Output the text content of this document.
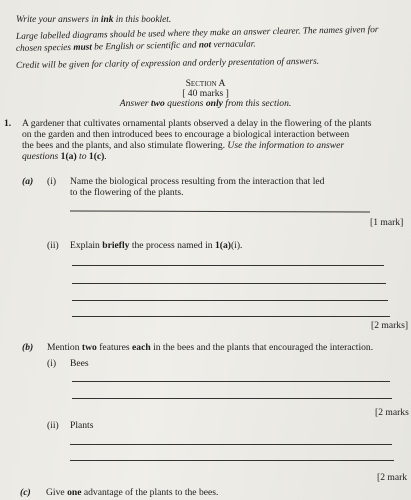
Write your answers in ink in this booklet.
Large labelled diagrams should be used where they make an answer clearer. The names given for
chosen species must be English or scientific and not vernacular.
Credit will be given for clarity of expression and orderly presentation of answers.
Section A
[ 40 marks ]
Answer two questions only from this section.
1. A gardener that cultivates ornamental plants observed a delay in the flowering of the plants
on the garden and then introduced bees to encourage a biological interaction between
the bees and the plants, and also stimulate flowering. Use the information to answer
questions 1(a) to 1(c).
(a) (i) Name the biological process resulting from the interaction that led
to the flowering of the plants.
[1 mark]
(ii) Explain briefly the process named in 1(a)(i).
[2 marks]
(b) Mention two features each in the bees and the plants that encouraged the interaction.
(i) Bees
[2 marks
(ii) Plants
[2 mark
(c) Give one advantage of the plants to the bees.
